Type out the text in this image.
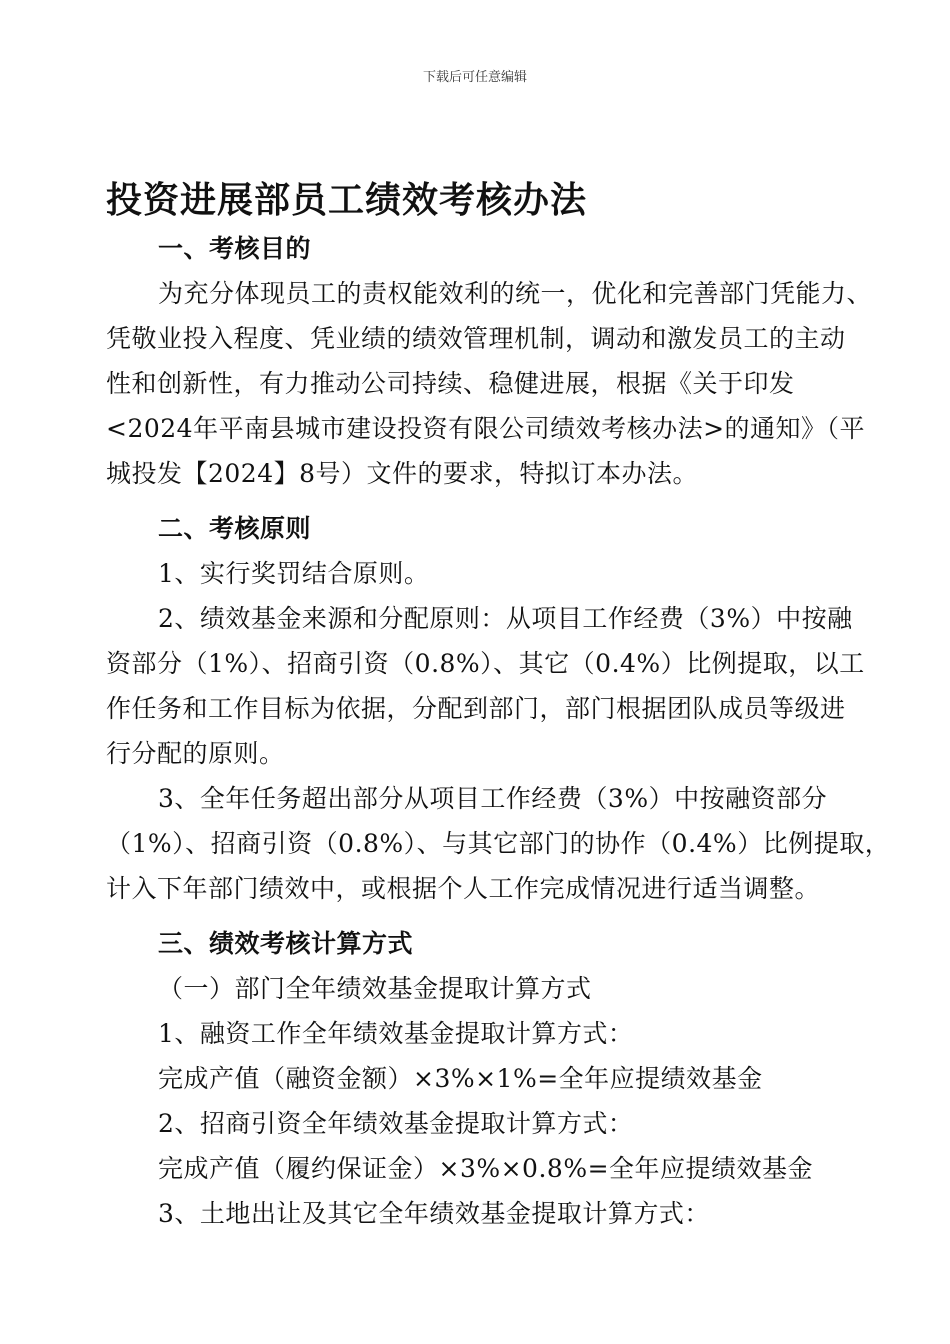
下载后可任意编辑
投资进展部员工绩效考核办法
一、考核目的
为充分体现员工的责权能效利的统一，优化和完善部门凭能力、
凭敬业投入程度、凭业绩的绩效管理机制，调动和激发员工的主动
性和创新性，有力推动公司持续、稳健进展，根据《关于印发
<2024年平南县城市建设投资有限公司绩效考核办法>的通知》（平
城投发【2024】8号）文件的要求，特拟订本办法。
二、考核原则
1、实行奖罚结合原则。
2、绩效基金来源和分配原则：从项目工作经费（3%）中按融
资部分（1%）、招商引资（0.8%）、其它（0.4%）比例提取，以工
作任务和工作目标为依据，分配到部门，部门根据团队成员等级进
行分配的原则。
3、全年任务超出部分从项目工作经费（3%）中按融资部分
（1%）、招商引资（0.8%）、与其它部门的协作（0.4%）比例提取，
计入下年部门绩效中，或根据个人工作完成情况进行适当调整。
三、绩效考核计算方式
（一）部门全年绩效基金提取计算方式
1、融资工作全年绩效基金提取计算方式：
完成产值（融资金额）×3%×1%=全年应提绩效基金
2、招商引资全年绩效基金提取计算方式：
完成产值（履约保证金）×3%×0.8%=全年应提绩效基金
3、土地出让及其它全年绩效基金提取计算方式：
